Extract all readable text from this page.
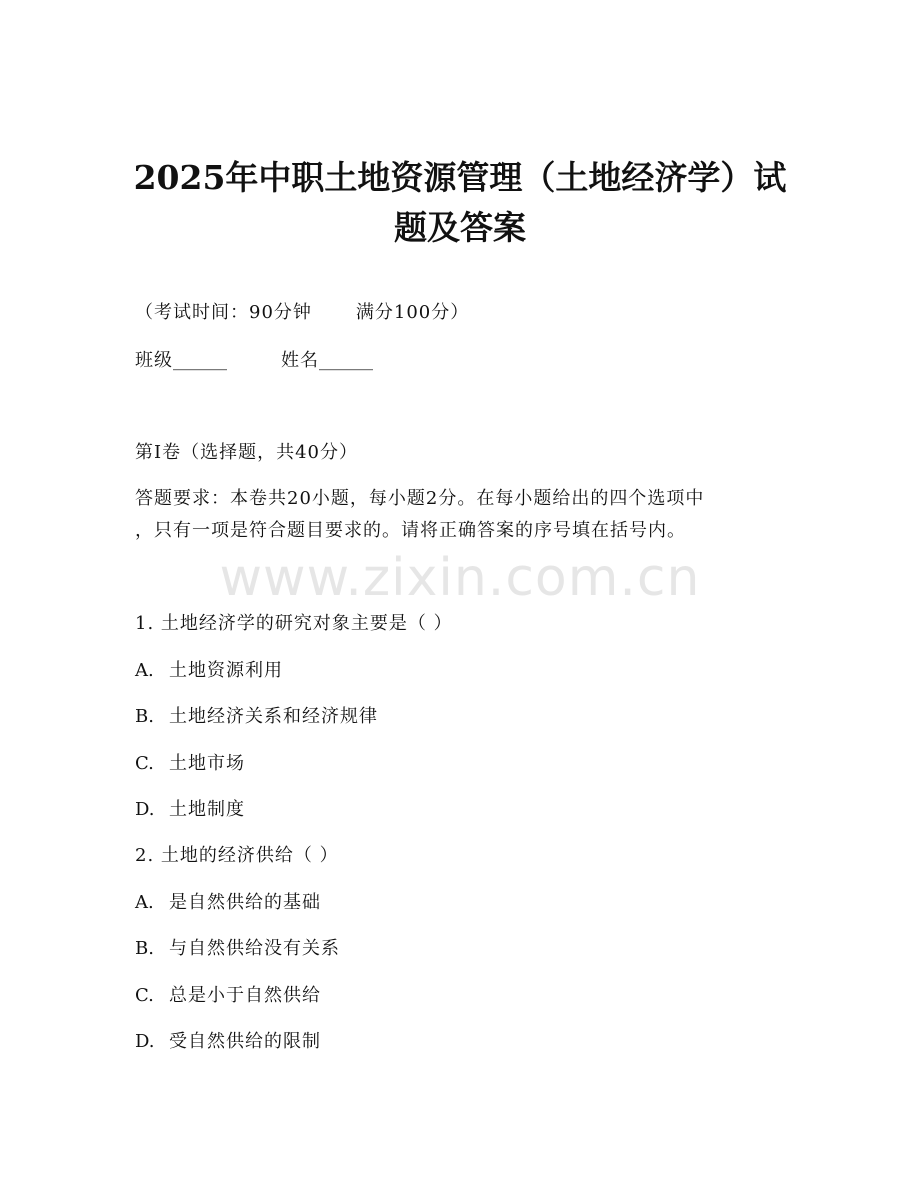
2025年中职土地资源管理（土地经济学）试
题及答案
（考试时间：90分钟 满分100分）
班级______	姓名______
第I卷（选择题，共40分）
答题要求：本卷共20小题，每小题2分。在每小题给出的四个选项中
，只有一项是符合题目要求的。请将正确答案的序号填在括号内。
www.zixin.com.cn
1. 土地经济学的研究对象主要是（ ）
A. 土地资源利用
B. 土地经济关系和经济规律
C. 土地市场
D. 土地制度
2. 土地的经济供给（ ）
A. 是自然供给的基础
B. 与自然供给没有关系
C. 总是小于自然供给
D. 受自然供给的限制
